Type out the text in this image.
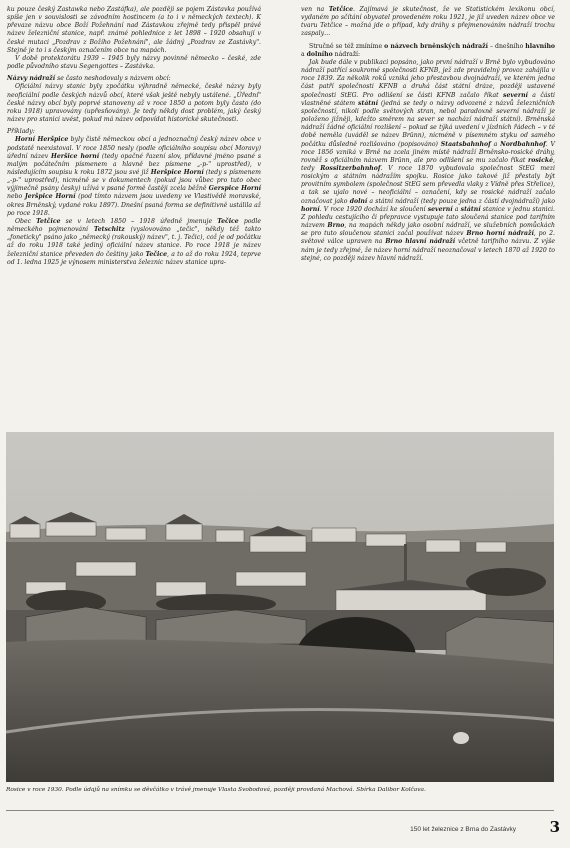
ku pouze český Zastawka nebo Zastáfka), ale později se pojem Zástavka používá spíše jen v souvislosti se závodním hostincem (a to i v německých textech). K převaze názvu obce Boží Požehnání nad Zástavkou zřejmě tedy přispěl právě název železniční stanice, např. známé pohlednice z let 1898 – 1920 obsahují v české mutaci „Pozdrav z Božího Požehnání", ale žádný „Pozdrav ze Zastávky". Stejně je to i s českým označením obce na mapách.

V době protektorátu 1939 – 1945 byly názvy povinně německo – české, zde podle původního stavu Segengottes – Zastávka.

Názvy nádraží se často neshodovaly s názvem obcí:

Oficiální názvy stanic byly zpočátku výhradně německé, české názvy byly neoficiální podle českých názvů obcí, které však ještě nebyly ustálené. „Úřední" české názvy obcí byly poprvé stanoveny až v roce 1850 a potom byly často (do roku 1918) upravovány (upřesňovány). Je tedy někdy dost problém, jaký český název pro stanici uvést, pokud má název odpovídat historické skutečnosti.

Příklady:

Horní Heršpice byly čistě německou obcí a jednoznačný český název obce v podstatě neexistoval. V roce 1850 nesly (podle oficiálního soupisu obcí Moravy) úřední název Heršice horní (tedy opačné řazení slov, přídavné jméno psané s malým počátečním písmenem a hlavně bez písmene „-p-" uprostřed), v následujícím soupisu k roku 1872 jsou své již Heršpice Horní (tedy s písmenem „-p-" uprostřed), nicméně se v dokumentech (pokud jsou vůbec pro tuto obec výjimečně psány česky) užívá v psané formě častěji zcela běžně Gerspice Horní nebo Jeršpice Horní (pod tímto názvem jsou uvedeny ve Vlastivědě moravské, okres Brněnský, vydané roku 1897). Dnešní psaná forma se definitivně ustálila až po roce 1918.

Obec Tetčice se v letech 1850 – 1918 úředně jmenuje Tečice podle německého pojmenování Tetschitz (vyslovováno „tečic", někdy též takto „foneticky" psáno jako „německý (rakouský) název", t. j. Tečic), což je od počátku až do roku 1918 také jediný oficiální název stanice. Po roce 1918 je název železniční stanice převeden do češtiny jako Tečice, a to až do roku 1924, teprve od 1. ledna 1925 je výnosem ministerstva železnic název stanice upra-

ven na Tetčice. Zajímavá je skutečnost, že ve Statistickém lexikonu obcí, vydaném po sčítání obyvatel provedeném roku 1921, je již uveden název obce ve tvaru Tetčice – možná jde o případ, kdy dráhy s přejmenováním nádraží trochu zaspaly…

Stručně se též zmíníme o názvech brněnských nádraží – dnešního hlavního a dolního nádraží:

Jak bude dále v publikaci popsáno, jako první nádraží v Brně bylo vybudováno nádraží patřící soukromé společnosti KFNB, jež zde pravidelný provoz zahájila v roce 1839. Za několik roků vzniká jeho přestavbou dvojnádraží, ve kterém jedna část patří společnosti KFNB a druhá část státní dráze, později ustavené společnosti StEG. Pro odlišení se části KFNB začalo říkat severní a části vlastněné státem státní (jedná se tedy o názvy odvozené z názvů železničních společností, nikoli podle světových stran, nebol paradoxně severní nádraží je položeno jižněji, kdežto směrem na sever se nachází nádraží státní). Brněnská nádraží žádné oficiální rozlišení – pokud se týká uvedení v jízdních řádech – v té době neměla (uváděl se název Brünn), nicméně v písemném styku od samého počátku důsledně rozlišováno (popisováno) Staatsbahnhof a Nordbahnhof. V roce 1856 vzniká v Brně na zcela jiném místě nádraží Brněnsko-rosické dráhy, rovněž s oficiálním názvem Brünn, ale pro odlišení se mu začalo říkat rosické, tedy Rossitzerbahnhof. V roce 1870 vybudovala společnost StEG mezi rosickým a státním nádražím spojku. Rosice jako takové již přestaly být provitním symbolem (společnost StEG sem převedla vlaky z Vídně přes Střelice), a tak se ujalo nové – neoficiální – označení, kdy se rosické nádraží začalo označovat jako dolní a státní nádraží (tedy pouze jedna z částí dvojnádraží) jako horní. V roce 1920 dochází ke sloučení severní a státní stanice v jednu stanici. Z pohledu cestujícího či přepravce vystupuje tato sloučená stanice pod tarifním názvem Brno, na mapách někdy jako osobní nádraží, ve služebních pomůckách se pro tuto sloučenou stanici začal používat název Brno horní nádraží, po 2. světové válce upraven na Brno hlavní nádraží včetně tarifního názvu. Z výše nám je tedy zřejmé, že název horní nádraží neoznačoval v letech 1870 až 1920 to stejné, co později název hlavní nádraží.

Rosice v roce 1930. Podle údajů na snímku se děvčátko v trávě jmenuje Vlasta Svobodová, později provdaná Machová. Sbírka Dalibor Kolčava.
150 let železnice z Brna do Zastávky 3
